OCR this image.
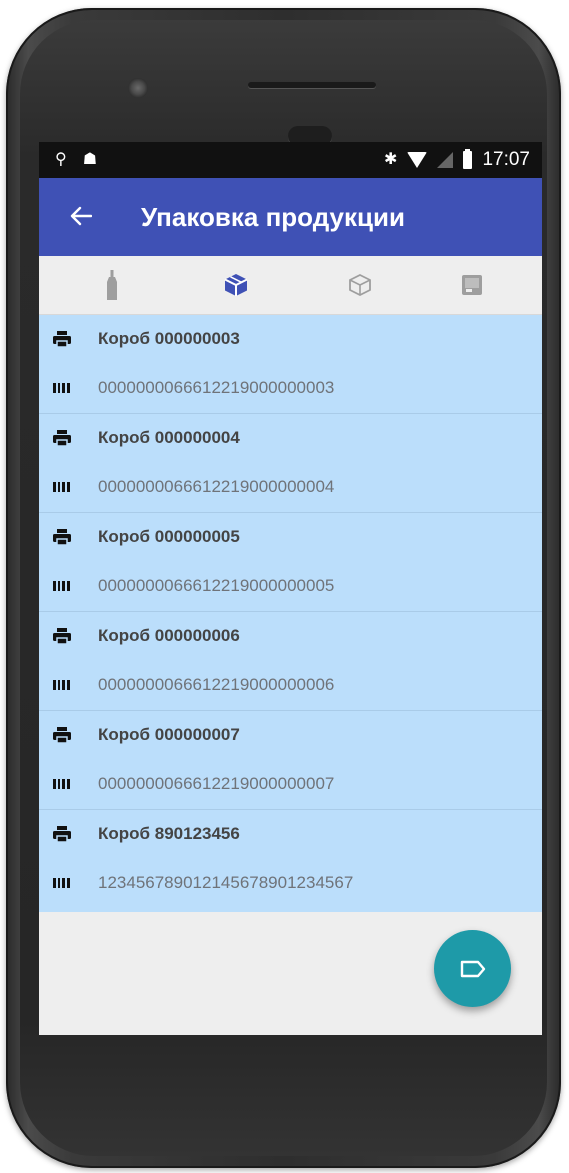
⚲ ☗	✱	17:07
Упаковка продукции
Короб 000000003
0000000066612219000000003
Короб 000000004
0000000066612219000000004
Короб 000000005
0000000066612219000000005
Короб 000000006
0000000066612219000000006
Короб 000000007
0000000066612219000000007
Короб 890123456
123456789012145678901234567
